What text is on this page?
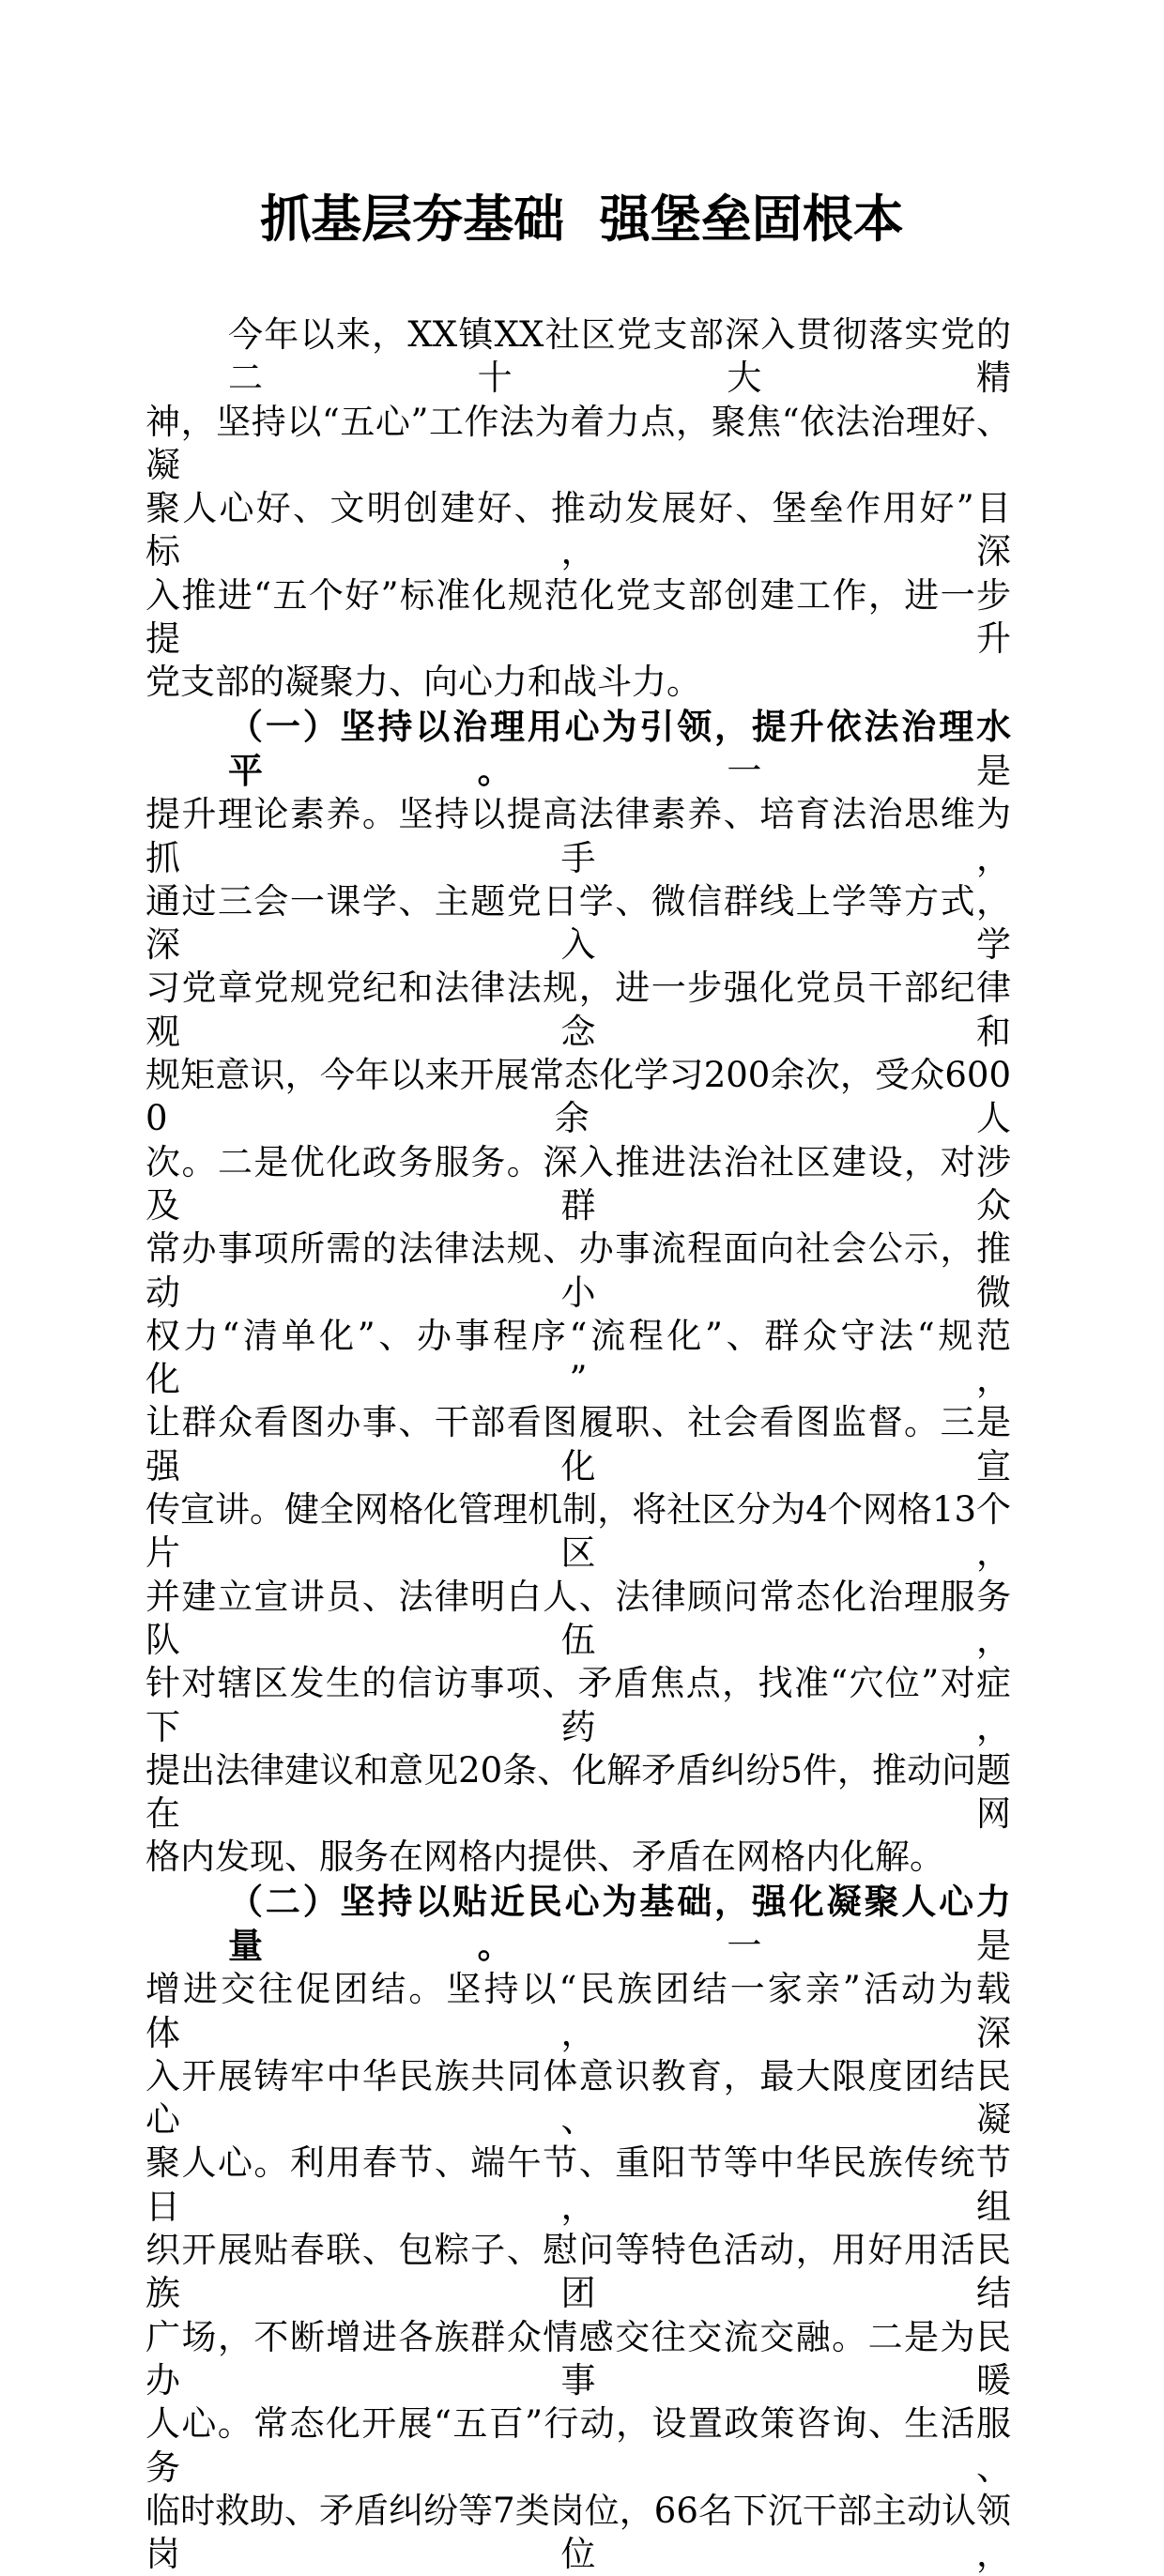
抓基层夯基础  强堡垒固根本
今年以来，XX镇XX社区党支部深入贯彻落实党的二十大精
神，坚持以“五心”工作法为着力点，聚焦“依法治理好、凝
聚人心好、文明创建好、推动发展好、堡垒作用好”目标，深
入推进“五个好”标准化规范化党支部创建工作，进一步提升
党支部的凝聚力、向心力和战斗力。
（一）坚持以治理用心为引领，提升依法治理水平。一是
提升理论素养。坚持以提高法律素养、培育法治思维为抓手，
通过三会一课学、主题党日学、微信群线上学等方式，深入学
习党章党规党纪和法律法规，进一步强化党员干部纪律观念和
规矩意识，今年以来开展常态化学习200余次，受众6000余人
次。二是优化政务服务。深入推进法治社区建设，对涉及群众
常办事项所需的法律法规、办事流程面向社会公示，推动小微
权力“清单化”、办事程序“流程化”、群众守法“规范化”，
让群众看图办事、干部看图履职、社会看图监督。三是强化宣
传宣讲。健全网格化管理机制，将社区分为4个网格13个片区，
并建立宣讲员、法律明白人、法律顾问常态化治理服务队伍，
针对辖区发生的信访事项、矛盾焦点，找准“穴位”对症下药，
提出法律建议和意见20条、化解矛盾纠纷5件，推动问题在网
格内发现、服务在网格内提供、矛盾在网格内化解。
（二）坚持以贴近民心为基础，强化凝聚人心力量。一是
增进交往促团结。坚持以“民族团结一家亲”活动为载体，深
入开展铸牢中华民族共同体意识教育，最大限度团结民心、凝
聚人心。利用春节、端午节、重阳节等中华民族传统节日，组
织开展贴春联、包粽子、慰问等特色活动，用好用活民族团结
广场，不断增进各族群众情感交往交流交融。二是为民办事暖
人心。常态化开展“五百”行动，设置政策咨询、生活服务、
临时救助、矛盾纠纷等7类岗位，66名下沉干部主动认领岗位，
